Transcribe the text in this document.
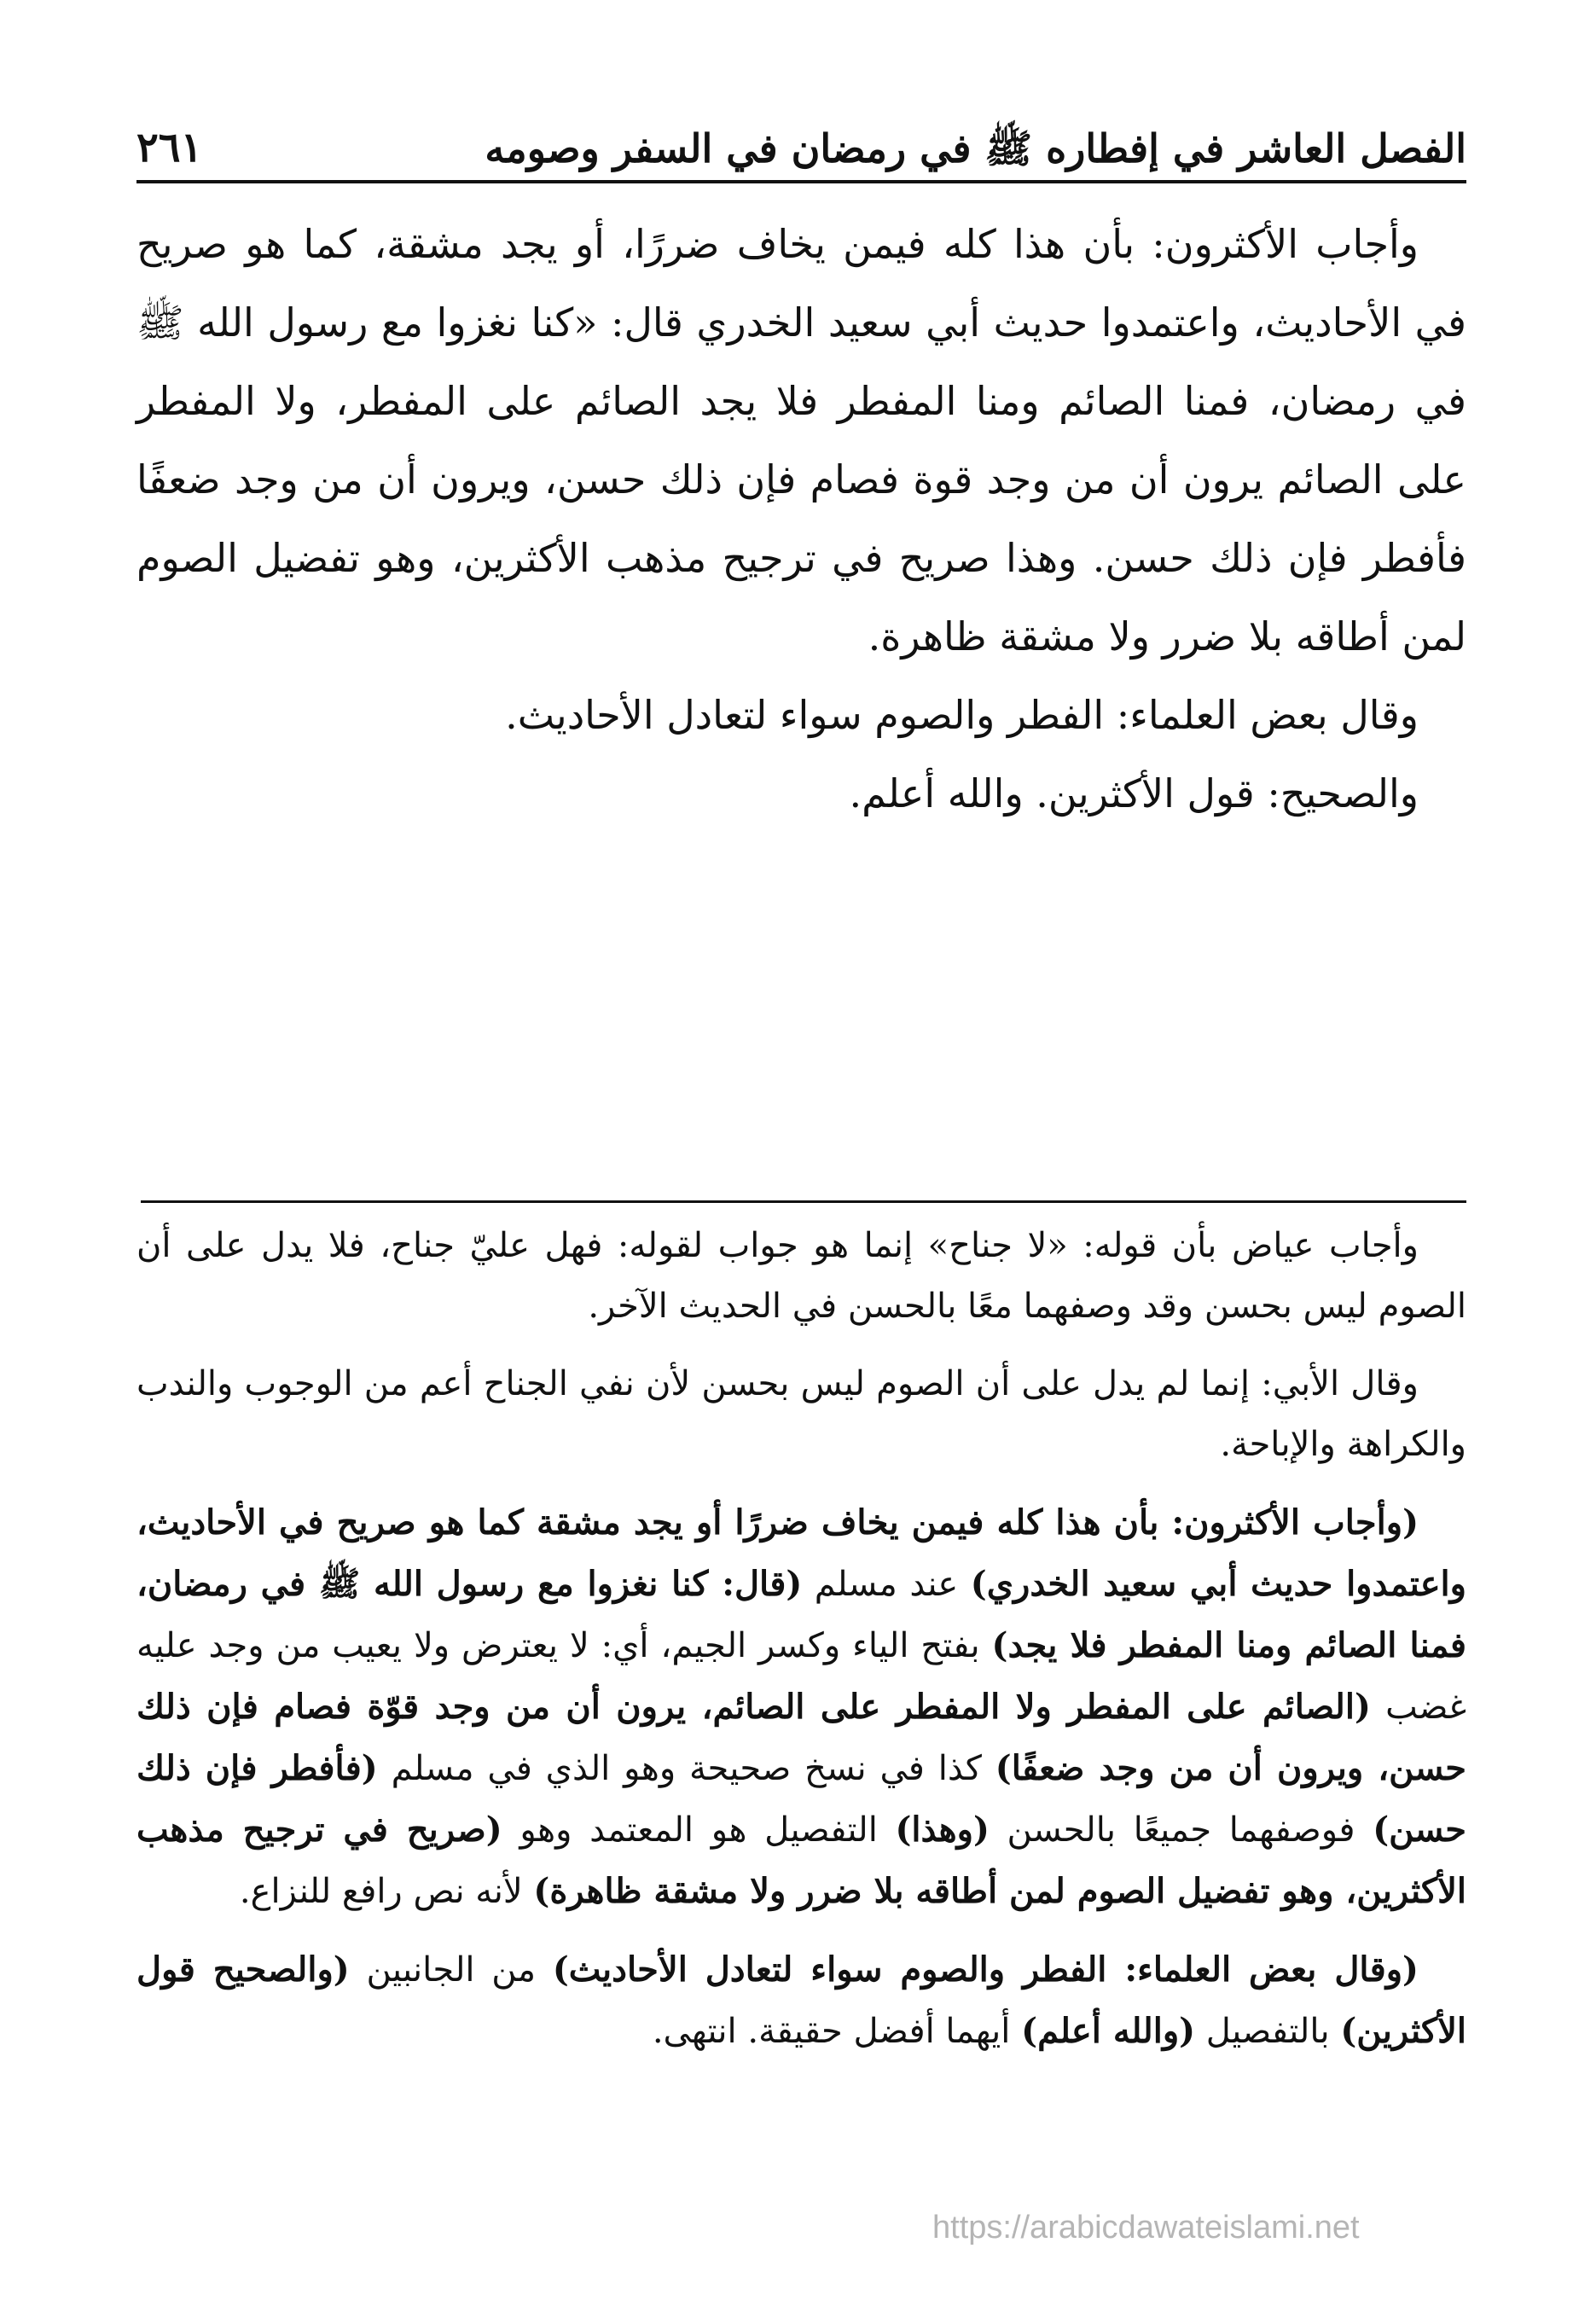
الفصل العاشر في إفطاره ﷺ في رمضان في السفر وصومه
٢٦١

وأجاب الأكثرون: بأن هذا كله فيمن يخاف ضررًا، أو يجد مشقة، كما هو صريح في الأحاديث، واعتمدوا حديث أبي سعيد الخدري قال: «كنا نغزوا مع رسول الله ﷺ في رمضان، فمنا الصائم ومنا المفطر فلا يجد الصائم على المفطر، ولا المفطر على الصائم يرون أن من وجد قوة فصام فإن ذلك حسن، ويرون أن من وجد ضعفًا فأفطر فإن ذلك حسن. وهذا صريح في ترجيح مذهب الأكثرين، وهو تفضيل الصوم لمن أطاقه بلا ضرر ولا مشقة ظاهرة.

وقال بعض العلماء: الفطر والصوم سواء لتعادل الأحاديث.

والصحيح: قول الأكثرين. والله أعلم.

وأجاب عياض بأن قوله: «لا جناح» إنما هو جواب لقوله: فهل عليّ جناح، فلا يدل على أن الصوم ليس بحسن وقد وصفهما معًا بالحسن في الحديث الآخر.

وقال الأبي: إنما لم يدل على أن الصوم ليس بحسن لأن نفي الجناح أعم من الوجوب والندب والكراهة والإباحة.

(وأجاب الأكثرون: بأن هذا كله فيمن يخاف ضررًا أو يجد مشقة كما هو صريح في الأحاديث، واعتمدوا حديث أبي سعيد الخدري) عند مسلم (قال: كنا نغزوا مع رسول الله ﷺ في رمضان، فمنا الصائم ومنا المفطر فلا يجد) بفتح الياء وكسر الجيم، أي: لا يعترض ولا يعيب من وجد عليه غضب (الصائم على المفطر ولا المفطر على الصائم، يرون أن من وجد قوّة فصام فإن ذلك حسن، ويرون أن من وجد ضعفًا) كذا في نسخ صحيحة وهو الذي في مسلم (فأفطر فإن ذلك حسن) فوصفهما جميعًا بالحسن (وهذا) التفصيل هو المعتمد وهو (صريح في ترجيح مذهب الأكثرين، وهو تفضيل الصوم لمن أطاقه بلا ضرر ولا مشقة ظاهرة) لأنه نص رافع للنزاع.

(وقال بعض العلماء: الفطر والصوم سواء لتعادل الأحاديث) من الجانبين (والصحيح قول الأكثرين) بالتفصيل (والله أعلم) أيهما أفضل حقيقة. انتهى.

https://arabicdawateislami.net
